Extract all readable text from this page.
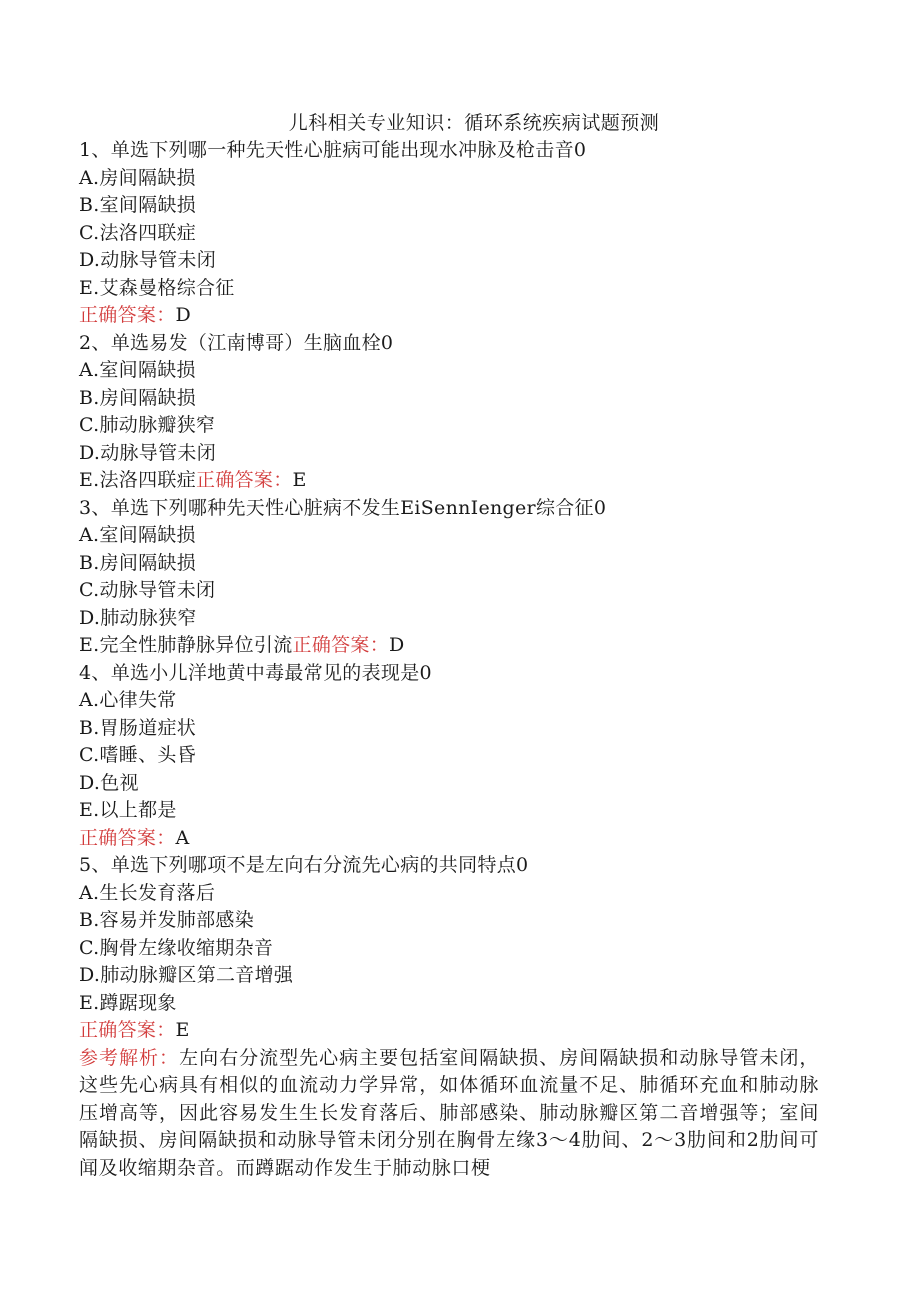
儿科相关专业知识：循环系统疾病试题预测
1、单选下列哪一种先天性心脏病可能出现水冲脉及枪击音0
A.房间隔缺损
B.室间隔缺损
C.法洛四联症
D.动脉导管未闭
E.艾森曼格综合征
正确答案：D
2、单选易发（江南博哥）生脑血栓0
A.室间隔缺损
B.房间隔缺损
C.肺动脉瓣狭窄
D.动脉导管未闭
E.法洛四联症正确答案：E
3、单选下列哪种先天性心脏病不发生EiSennIenger综合征0
A.室间隔缺损
B.房间隔缺损
C.动脉导管未闭
D.肺动脉狭窄
E.完全性肺静脉异位引流正确答案：D
4、单选小儿洋地黄中毒最常见的表现是0
A.心律失常
B.胃肠道症状
C.嗜睡、头昏
D.色视
E.以上都是
正确答案：A
5、单选下列哪项不是左向右分流先心病的共同特点0
A.生长发育落后
B.容易并发肺部感染
C.胸骨左缘收缩期杂音
D.肺动脉瓣区第二音增强
E.蹲踞现象
正确答案：E
参考解析：左向右分流型先心病主要包括室间隔缺损、房间隔缺损和动脉导管未闭，这些先心病具有相似的血流动力学异常，如体循环血流量不足、肺循环充血和肺动脉压增高等，因此容易发生生长发育落后、肺部感染、肺动脉瓣区第二音增强等；室间隔缺损、房间隔缺损和动脉导管未闭分别在胸骨左缘3～4肋间、2～3肋间和2肋间可闻及收缩期杂音。而蹲踞动作发生于肺动脉口梗
